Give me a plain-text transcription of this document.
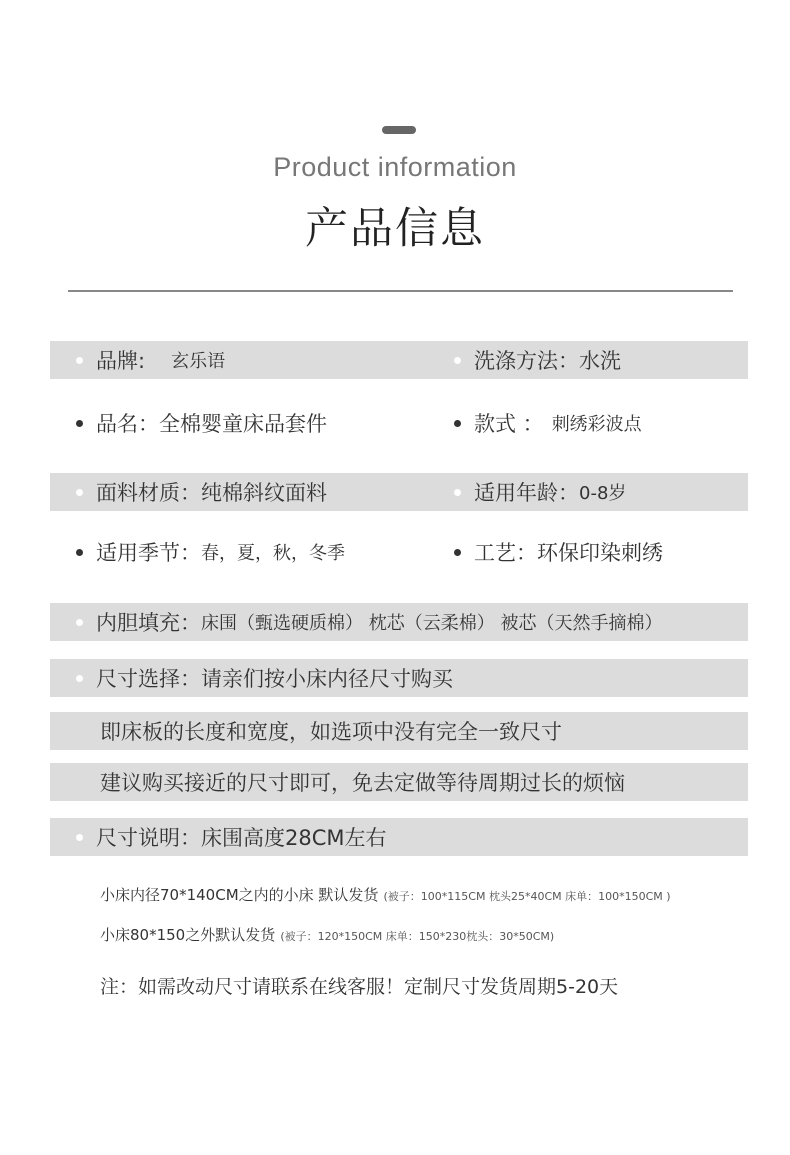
Product information
产品信息
品牌: 玄乐语	洗涤方法： 水洗
品名： 全棉婴童床品套件	款式 ： 刺绣彩波点
面料材质： 纯棉斜纹面料	适用年龄： 0-8岁
适用季节： 春，夏，秋，冬季	工艺： 环保印染刺绣
内胆填充： 床围（甄选硬质棉） 枕芯（云柔棉） 被芯（天然手摘棉）
尺寸选择：请亲们按小床内径尺寸购买
即床板的长度和宽度，如选项中没有完全一致尺寸
建议购买接近的尺寸即可，免去定做等待周期过长的烦恼
尺寸说明： 床围高度28CM左右
小床内径70*140CM之内的小床 默认发货 (被子：100*115CM 枕头25*40CM 床单：100*150CM )
小床80*150之外默认发货 (被子：120*150CM 床单：150*230枕头：30*50CM)
注：如需改动尺寸请联系在线客服！定制尺寸发货周期5-20天
